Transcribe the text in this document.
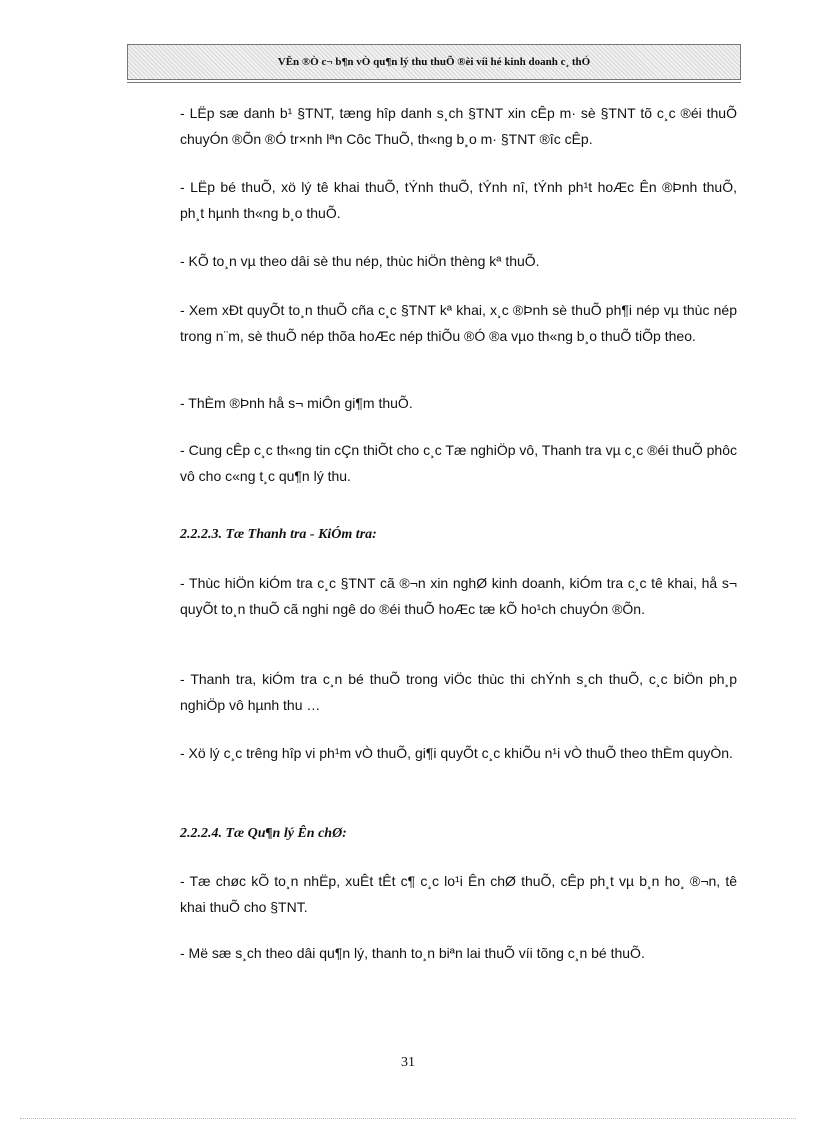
VÊn ®Ò c¬ b¶n vÒ qu¶n lý thu thuÕ ®èi víi hé kinh doanh c¸ thÓ

- LËp sæ danh b¹ §TNT, tæng hîp danh s¸ch §TNT xin cÊp m· sè §TNT tõ c¸c ®éi thuÕ chuyÓn ®Õn ®Ó tr×nh lªn Côc ThuÕ, th«ng b¸o m· §TNT ®îc cÊp.

- LËp bé thuÕ, xö lý tê khai thuÕ, tÝnh thuÕ, tÝnh nî, tÝnh ph¹t hoÆc Ên ®Þnh thuÕ, ph¸t hµnh th«ng b¸o thuÕ.

- KÕ to¸n vµ theo dâi sè thu nép, thùc hiÖn thèng kª thuÕ.

- Xem xÐt quyÕt to¸n thuÕ cña c¸c §TNT kª khai, x¸c ®Þnh sè thuÕ ph¶i nép vµ thùc nép trong n¨m, sè thuÕ nép thõa hoÆc nép thiÕu ®Ó ®a vµo th«ng b¸o thuÕ tiÕp theo.

- ThÈm ®Þnh hå s¬ miÔn gi¶m thuÕ.

- Cung cÊp c¸c th«ng tin cÇn thiÕt cho c¸c Tæ nghiÖp vô, Thanh tra vµ c¸c ®éi thuÕ phôc vô cho c«ng t¸c qu¶n lý thu.

2.2.2.3. Tæ Thanh tra - KiÓm tra:

- Thùc hiÖn kiÓm tra c¸c §TNT cã ®¬n xin nghØ kinh doanh, kiÓm tra c¸c tê khai, hå s¬ quyÕt to¸n thuÕ cã nghi ngê do ®éi thuÕ hoÆc tæ kÕ ho¹ch chuyÓn ®Õn.

- Thanh tra, kiÓm tra c¸n bé thuÕ trong viÖc thùc thi chÝnh s¸ch thuÕ, c¸c biÖn ph¸p nghiÖp vô hµnh thu …

- Xö lý c¸c trêng hîp vi ph¹m vÒ thuÕ, gi¶i quyÕt c¸c khiÕu n¹i vÒ thuÕ theo thÈm quyÒn.

2.2.2.4. Tæ Qu¶n lý Ên chØ:

- Tæ chøc kÕ to¸n nhËp, xuÊt tÊt c¶ c¸c lo¹i Ên chØ thuÕ, cÊp ph¸t vµ b¸n ho¸ ®¬n, tê khai thuÕ cho §TNT.

- Më sæ s¸ch theo dâi qu¶n lý, thanh to¸n biªn lai thuÕ víi tõng c¸n bé thuÕ.

31
